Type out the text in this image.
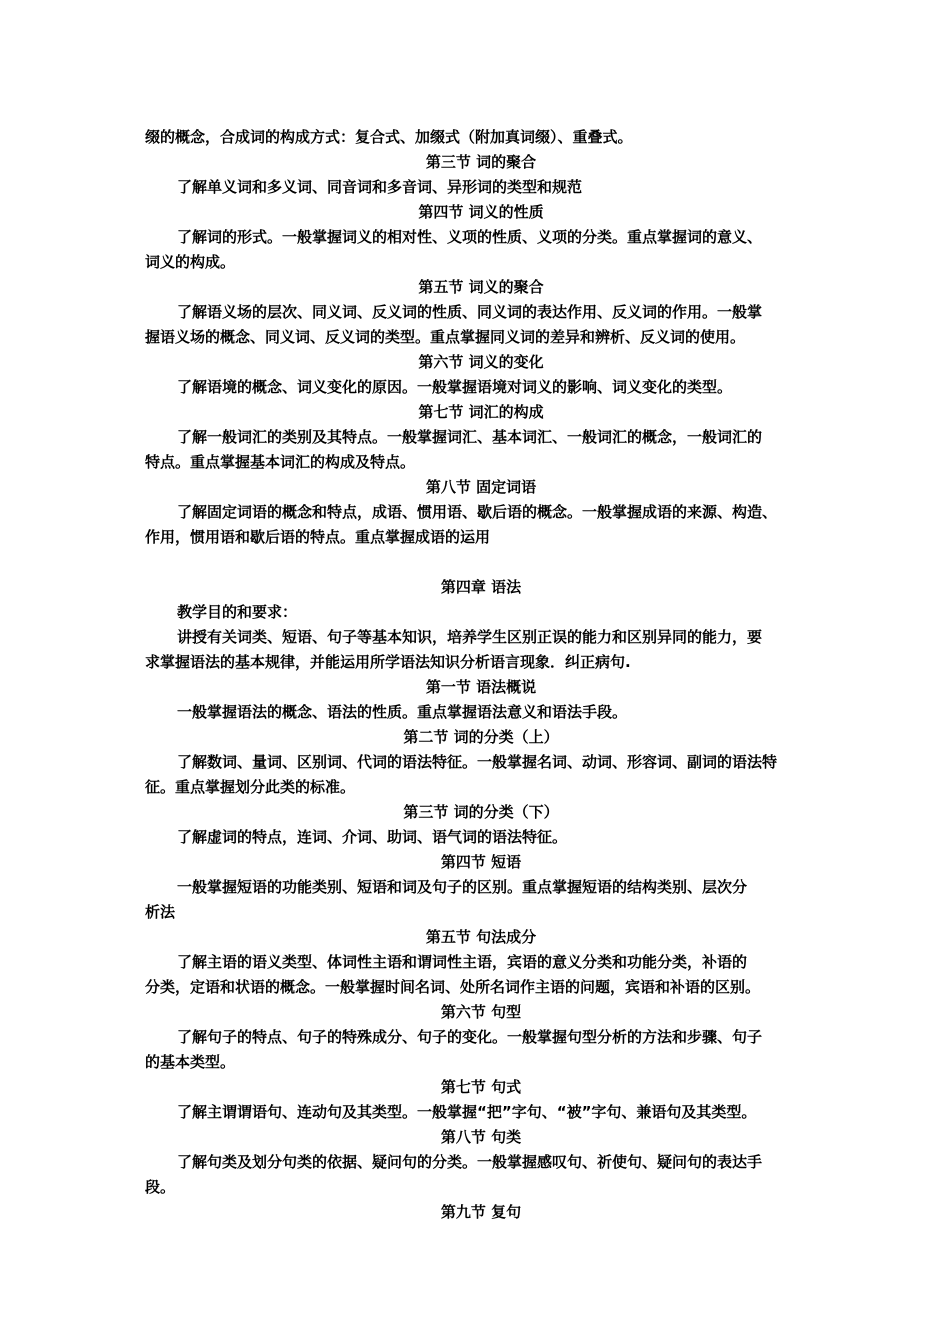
缀的概念，合成词的构成方式：复合式、加缀式（附加真词缀）、重叠式。
第三节 词的聚合
了解单义词和多义词、同音词和多音词、异形词的类型和规范
第四节 词义的性质
了解词的形式。一般掌握词义的相对性、义项的性质、义项的分类。重点掌握词的意义、
词义的构成。
第五节 词义的聚合
了解语义场的层次、同义词、反义词的性质、同义词的表达作用、反义词的作用。一般掌
握语义场的概念、同义词、反义词的类型。重点掌握同义词的差异和辨析、反义词的使用。
第六节 词义的变化
了解语境的概念、词义变化的原因。一般掌握语境对词义的影响、词义变化的类型。
第七节 词汇的构成
了解一般词汇的类别及其特点。一般掌握词汇、基本词汇、一般词汇的概念，一般词汇的
特点。重点掌握基本词汇的构成及特点。
第八节 固定词语
了解固定词语的概念和特点，成语、惯用语、歇后语的概念。一般掌握成语的来源、构造、
作用，惯用语和歇后语的特点。重点掌握成语的运用
第四章 语法
教学目的和要求：
讲授有关词类、短语、句子等基本知识，培养学生区别正误的能力和区别异同的能力，要
求掌握语法的基本规律，并能运用所学语法知识分析语言现象．纠正病句.
第一节 语法概说
一般掌握语法的概念、语法的性质。重点掌握语法意义和语法手段。
第二节 词的分类（上）
了解数词、量词、区别词、代词的语法特征。一般掌握名词、动词、形容词、副词的语法特
征。重点掌握划分此类的标准。
第三节 词的分类（下）
了解虚词的特点，连词、介词、助词、语气词的语法特征。
第四节 短语
一般掌握短语的功能类别、短语和词及句子的区别。重点掌握短语的结构类别、层次分
析法
第五节 句法成分
了解主语的语义类型、体词性主语和谓词性主语，宾语的意义分类和功能分类，补语的
分类，定语和状语的概念。一般掌握时间名词、处所名词作主语的问题，宾语和补语的区别。
第六节 句型
了解句子的特点、句子的特殊成分、句子的变化。一般掌握句型分析的方法和步骤、句子
的基本类型。
第七节 句式
了解主谓谓语句、连动句及其类型。一般掌握“把”字句、“被”字句、兼语句及其类型。
第八节 句类
了解句类及划分句类的依据、疑问句的分类。一般掌握感叹句、祈使句、疑问句的表达手
段。
第九节 复句
